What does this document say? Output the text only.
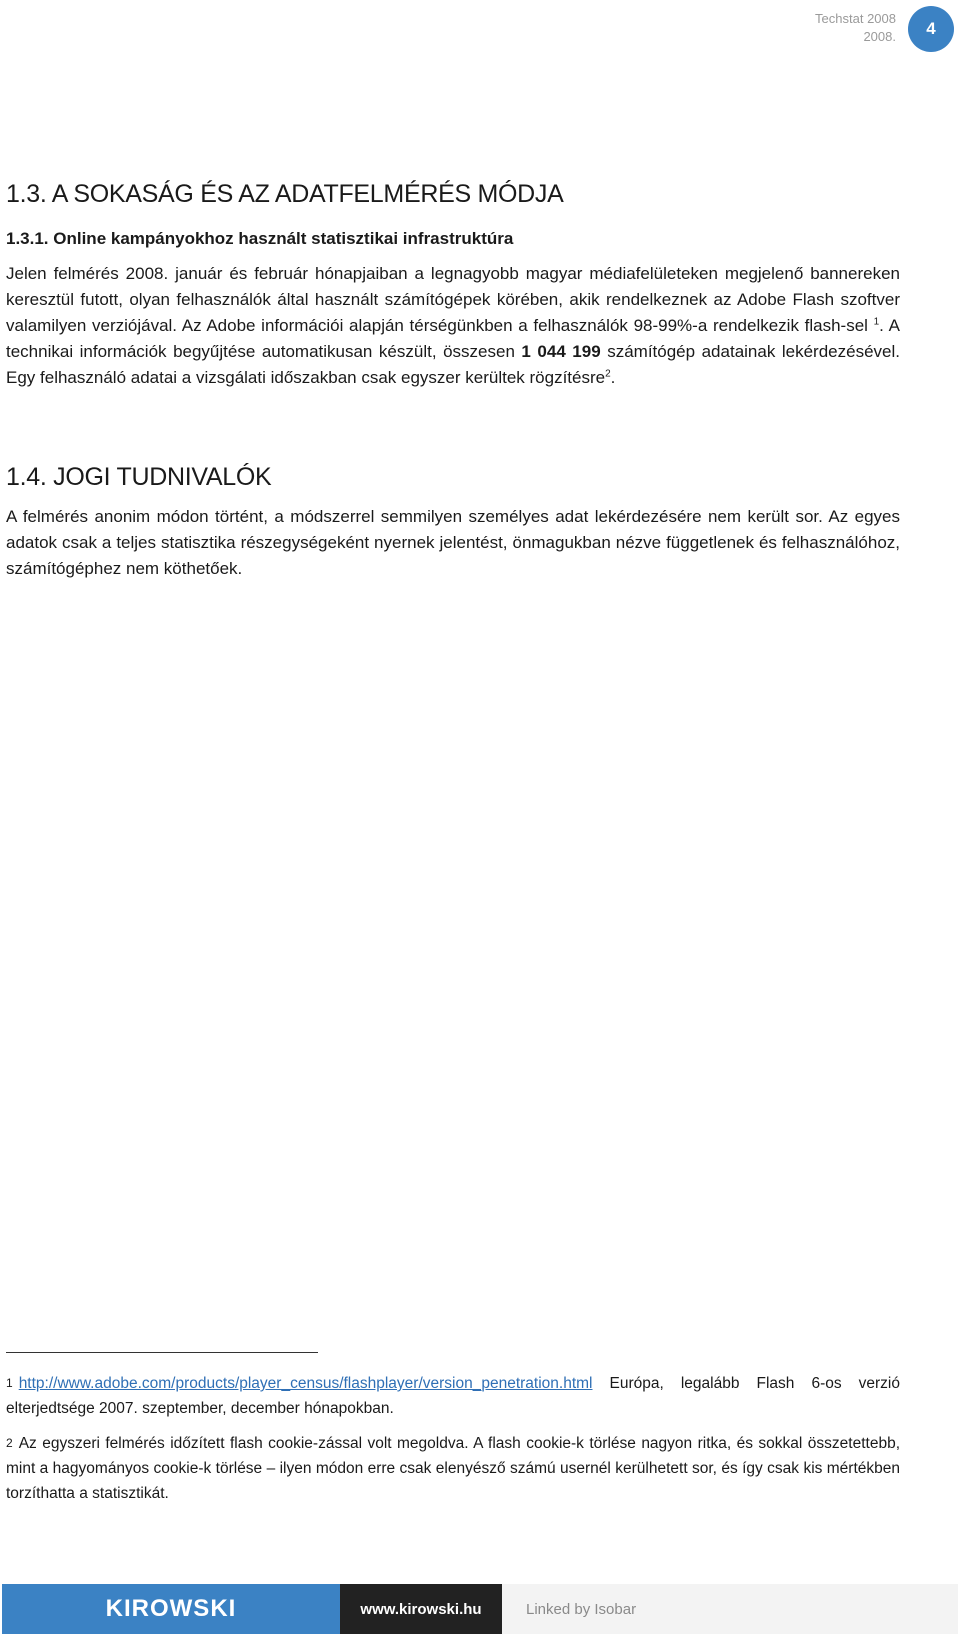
Techstat 2008
2008.	4
1.3. A SOKASÁG ÉS AZ ADATFELMÉRÉS MÓDJA
1.3.1. Online kampányokhoz használt statisztikai infrastruktúra

Jelen felmérés 2008. január és február hónapjaiban a legnagyobb magyar médiafelületeken megjelenő bannereken keresztül futott, olyan felhasználók által használt számítógépek körében, akik rendelkeznek az Adobe Flash szoftver valamilyen verziójával. Az Adobe információi alapján térségünkben a felhasználók 98-99%-a rendelkezik flash-sel $^1$. A technikai információk begyűjtése automatikusan készült, összesen 1 044 199 számítógép adatainak lekérdezésével. Egy felhasználó adatai a vizsgálati időszakban csak egyszer kerültek rögzítésre$^2$.

1.4. JOGI TUDNIVALÓK

A felmérés anonim módon történt, a módszerrel semmilyen személyes adat lekérdezésére nem került sor. Az egyes adatok csak a teljes statisztika részegységeként nyernek jelentést, önmagukban nézve függetlenek és felhasználóhoz, számítógéphez nem köthetőek.

$^1$ http://www.adobe.com/products/player_census/flashplayer/version_penetration.html Európa, legalább Flash 6-os verzió elterjedtsége 2007. szeptember, december hónapokban.

$^2$ Az egyszeri felmérés időzített flash cookie-zással volt megoldva. A flash cookie-k törlése nagyon ritka, és sokkal összetettebb, mint a hagyományos cookie-k törlése – ilyen módon erre csak elenyésző számú usernél kerülhetett sor, és így csak kis mértékben torzíthatta a statisztikát.

KIROWSKI	www.kirowski.hu	Linked by Isobar
